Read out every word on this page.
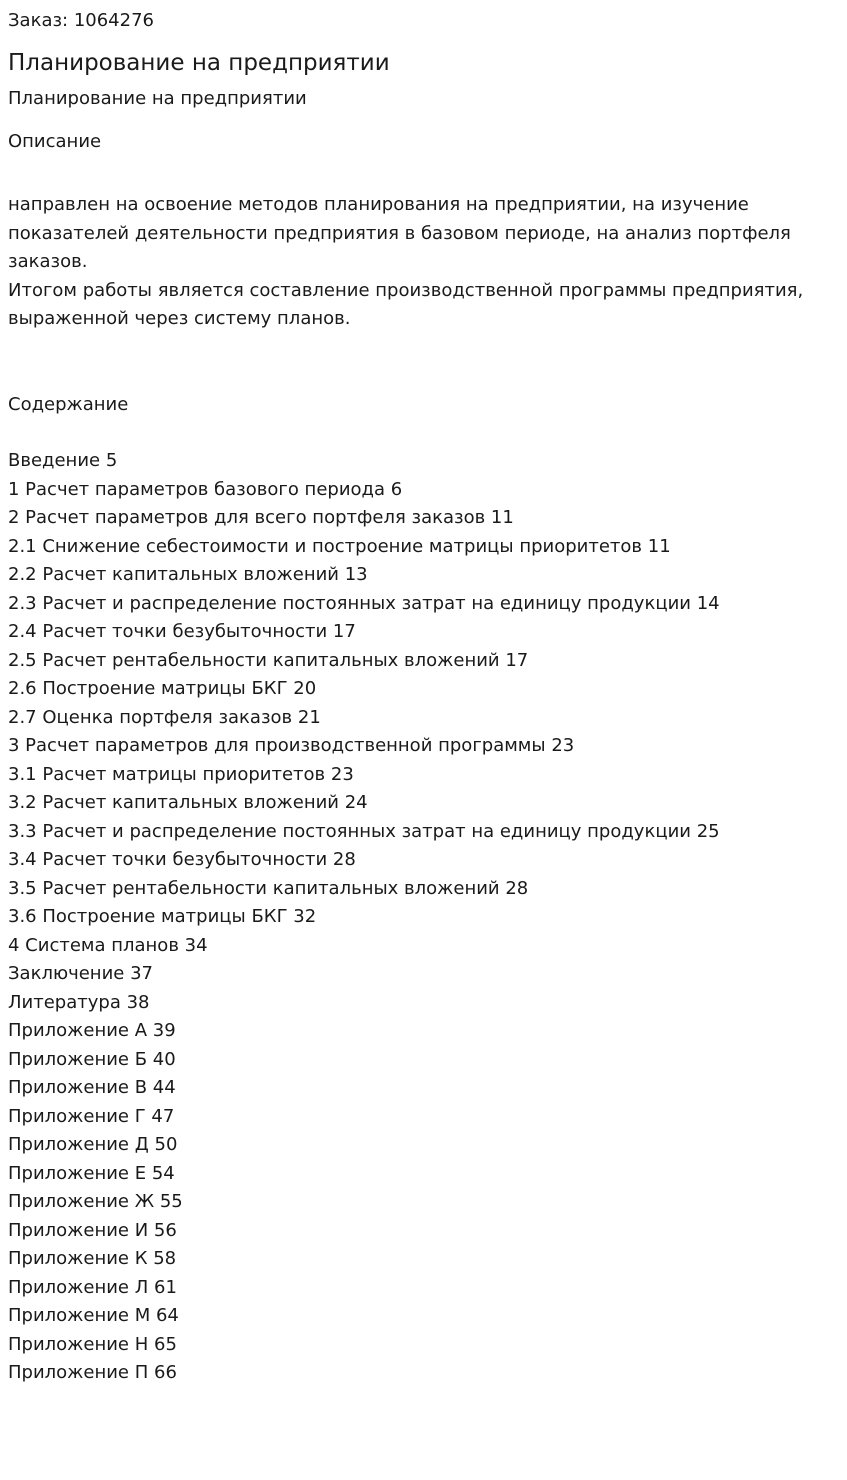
Заказ: 1064276
Планирование на предприятии
Планирование на предприятии
Описание

направлен на освоение методов планирования на предприятии, на изучение показателей деятельности предприятия в базовом периоде, на анализ портфеля заказов.

Итогом работы является составление производственной программы предприятия, выраженной через систему планов.

Содержание
Введение 5
1 Расчет параметров базового периода 6
2 Расчет параметров для всего портфеля заказов 11
2.1 Снижение себестоимости и построение матрицы приоритетов 11
2.2 Расчет капитальных вложений 13
2.3 Расчет и распределение постоянных затрат на единицу продукции 14
2.4 Расчет точки безубыточности 17
2.5 Расчет рентабельности капитальных вложений 17
2.6 Построение матрицы БКГ 20
2.7 Оценка портфеля заказов 21
3 Расчет параметров для производственной программы 23
3.1 Расчет матрицы приоритетов 23
3.2 Расчет капитальных вложений 24
3.3 Расчет и распределение постоянных затрат на единицу продукции 25
3.4 Расчет точки безубыточности 28
3.5 Расчет рентабельности капитальных вложений 28
3.6 Построение матрицы БКГ 32
4 Система планов 34
Заключение 37
Литература 38
Приложение А 39
Приложение Б 40
Приложение В 44
Приложение Г 47
Приложение Д 50
Приложение Е 54
Приложение Ж 55
Приложение И 56
Приложение К 58
Приложение Л 61
Приложение М 64
Приложение Н 65
Приложение П 66
